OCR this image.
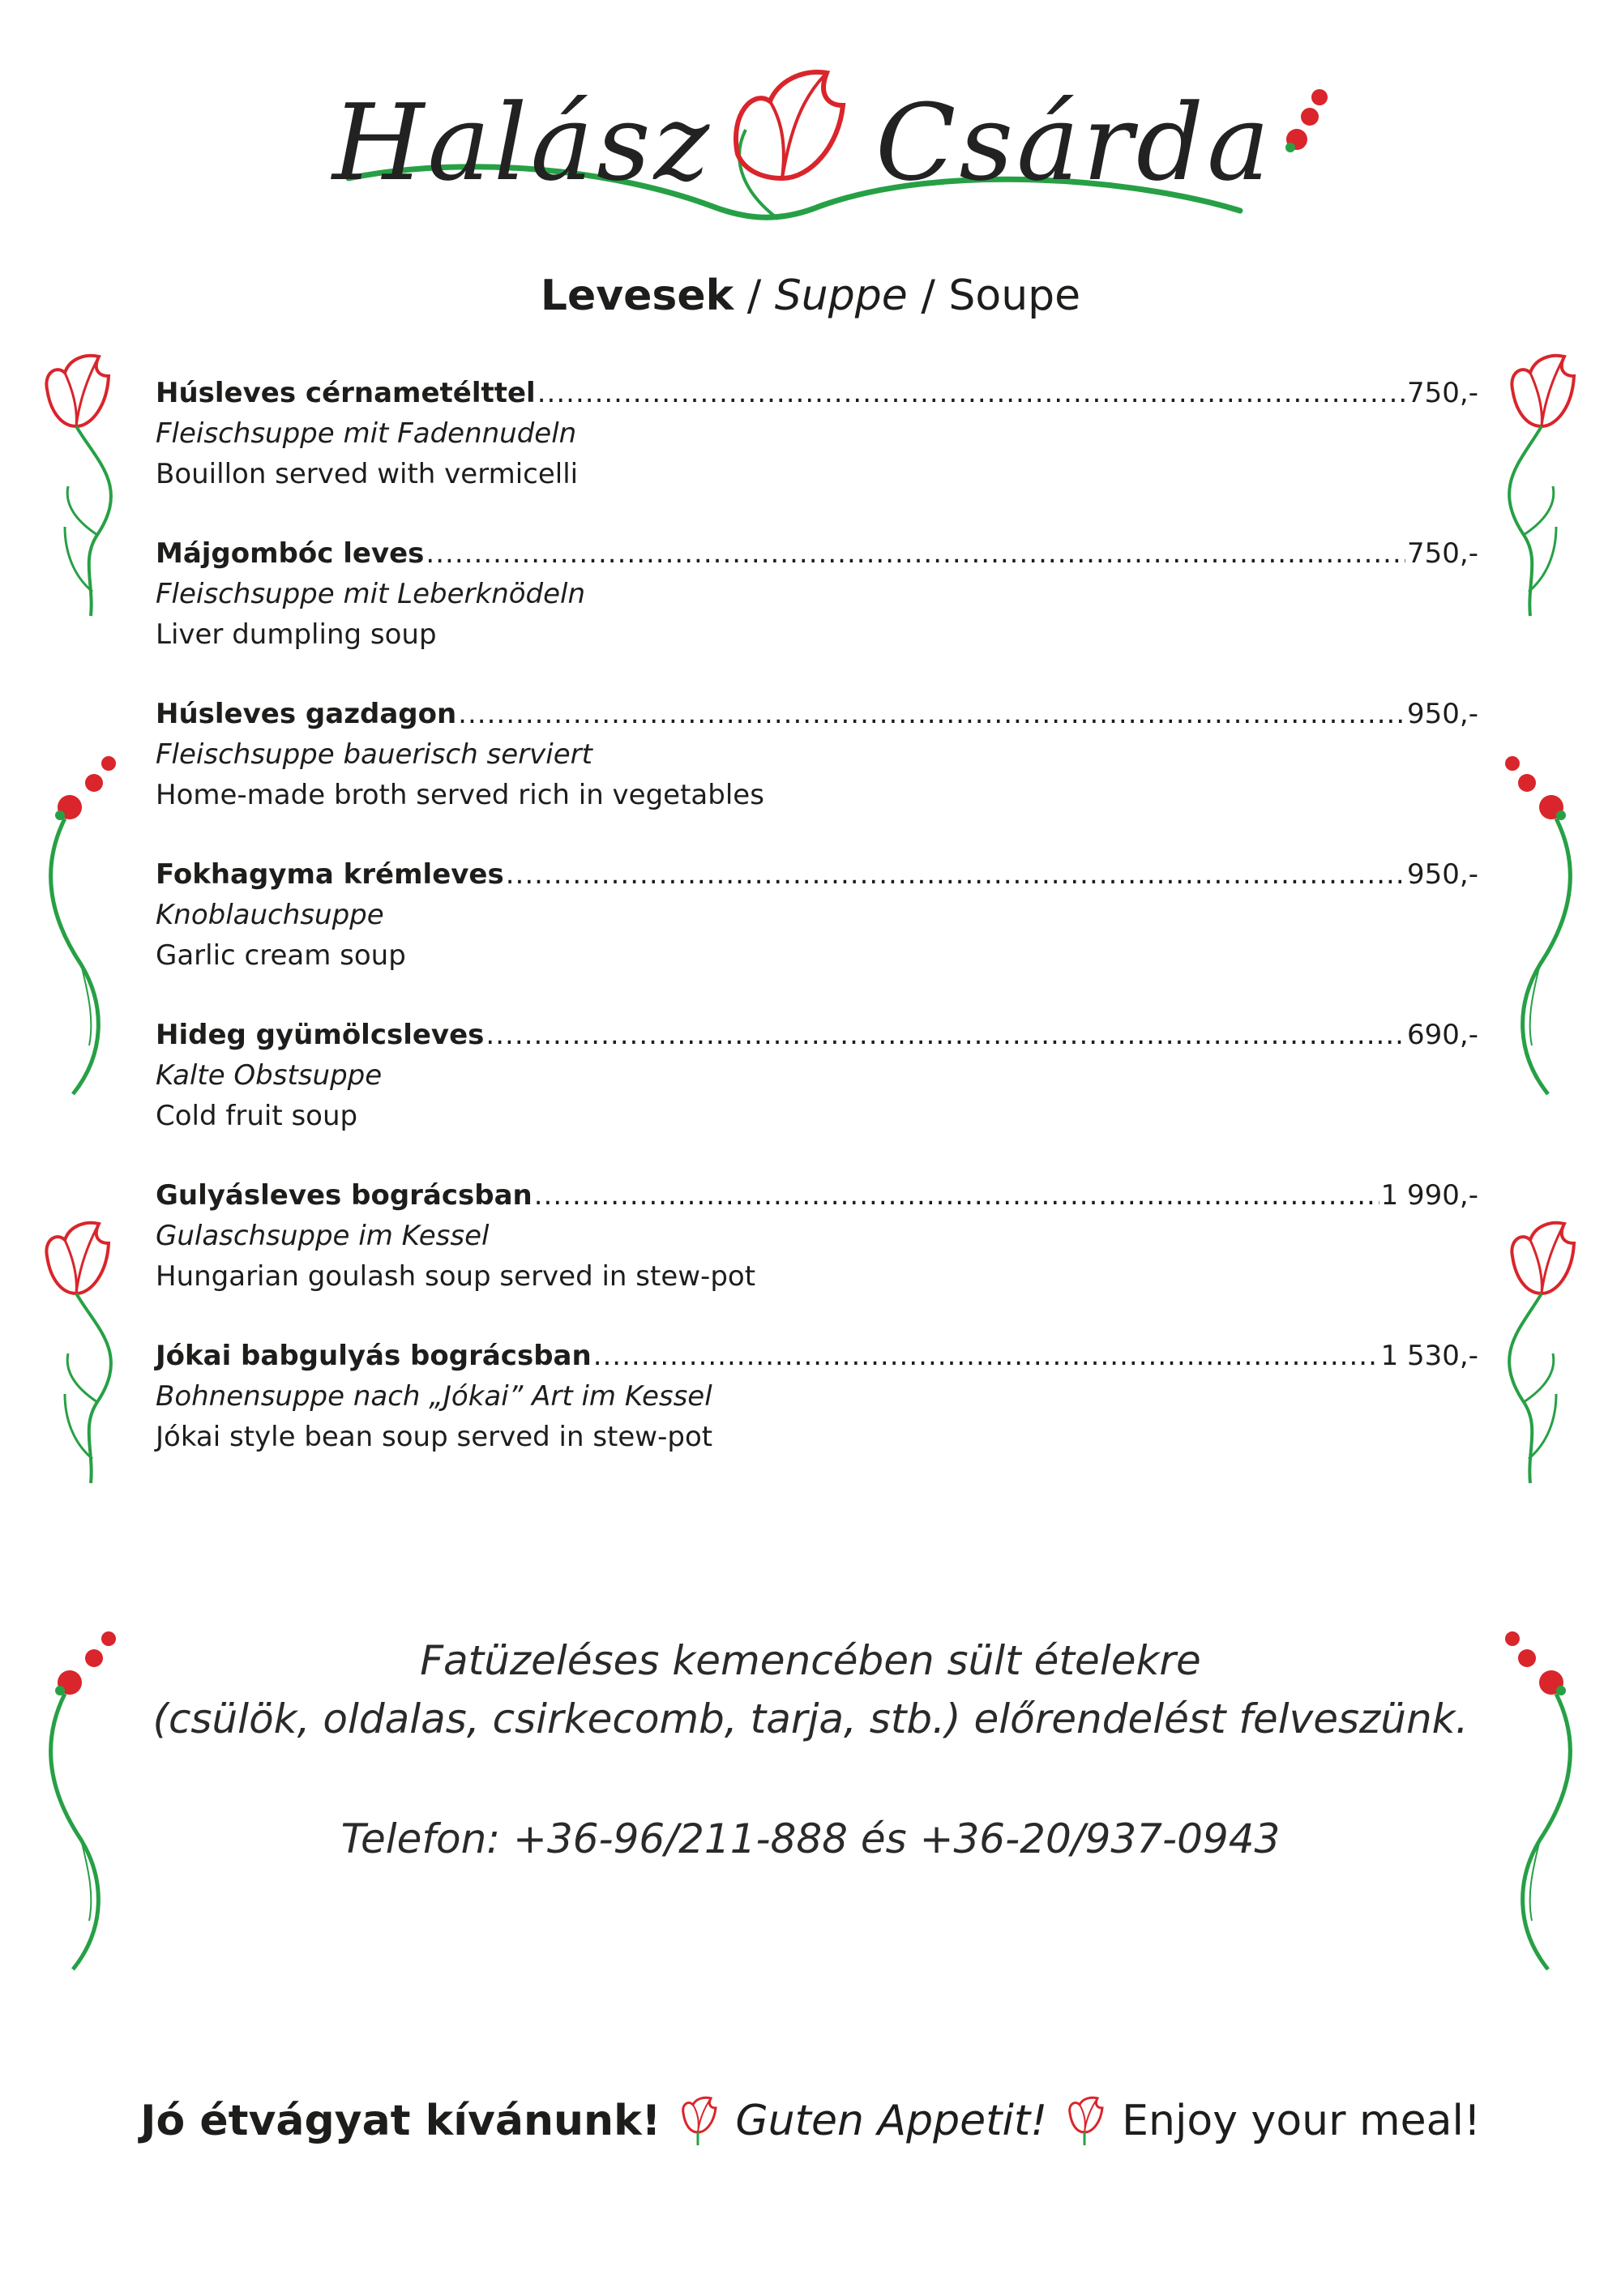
Halász Csárda
Levesek / Suppe / Soupe
Húsleves cérnametélttel .....	750,-
Fleischsuppe mit Fadennudeln
Bouillon served with vermicelli
Májgombóc leves .....	750,-
Fleischsuppe mit Leberknödeln
Liver dumpling soup
Húsleves gazdagon .....	950,-
Fleischsuppe bauerisch serviert
Home-made broth served rich in vegetables
Fokhagyma krémleves .....	950,-
Knoblauchsuppe
Garlic cream soup
Hideg gyümölcsleves .....	690,-
Kalte Obstsuppe
Cold fruit soup
Gulyásleves bográcsban .....	1 990,-
Gulaschsuppe im Kessel
Hungarian goulash soup served in stew-pot
Jókai babgulyás bográcsban .....	1 530,-
Bohnensuppe nach „Jókai” Art im Kessel
Jókai style bean soup served in stew-pot
Fatüzeléses kemencében sült ételekre
(csülök, oldalas, csirkecomb, tarja, stb.) előrendelést felveszünk.
Telefon: +36-96/211-888 és +36-20/937-0943
Jó étvágyat kívánunk! Guten Appetit! Enjoy your meal!
